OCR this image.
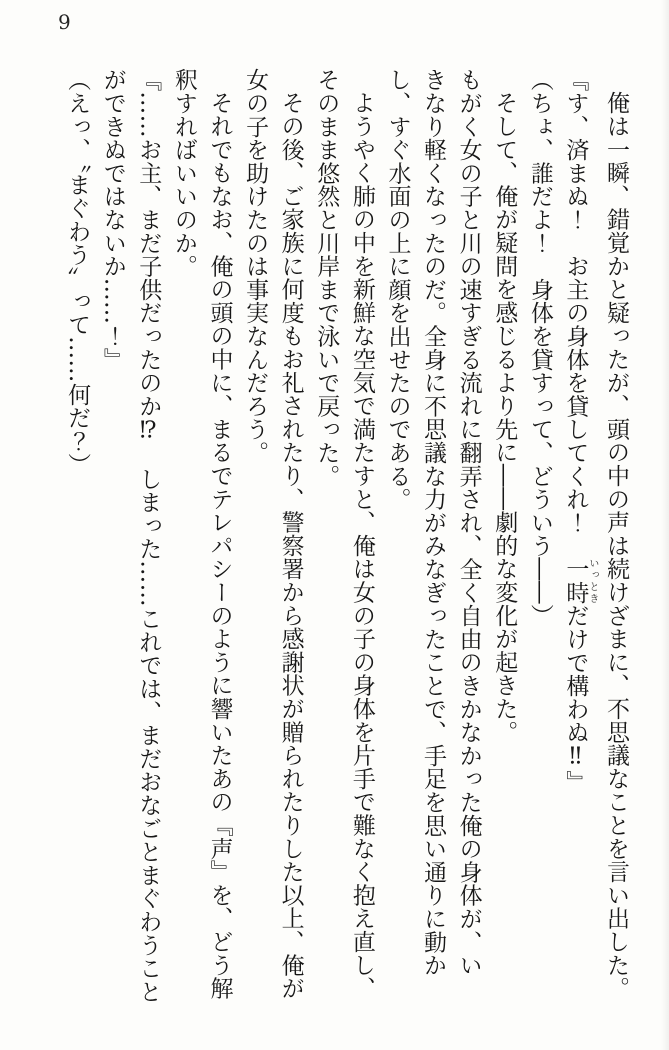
9
俺は一瞬、錯覚かと疑ったが、頭の中の声は続けざまに、不思議なことを言い出した。
『す、済まぬ！　お主の身体を貸してくれ！　一いっ時ときだけで構わぬ‼』
（ちょ、誰だよ！　身体を貸すって、どういう――）
そして、俺が疑問を感じるより先に――劇的な変化が起きた。
もがく女の子と川の速すぎる流れに翻弄され、全く自由のきかなかった俺の身体が、い
きなり軽くなったのだ。全身に不思議な力がみなぎったことで、手足を思い通りに動か
し、すぐ水面の上に顔を出せたのである。
ようやく肺の中を新鮮な空気で満たすと、俺は女の子の身体を片手で難なく抱え直し、
そのまま悠然と川岸まで泳いで戻った。
その後、ご家族に何度もお礼されたり、警察署から感謝状が贈られたりした以上、俺が
女の子を助けたのは事実なんだろう。
それでもなお、俺の頭の中に、まるでテレパシーのように響いたあの『声』を、どう解
釈すればいいのか。
『……お主、まだ子供だったのか⁉　しまった……これでは、まだおなごとまぐわうこと
ができぬではないか……！』
（えっ、〝まぐわう〟って……何だ？）
